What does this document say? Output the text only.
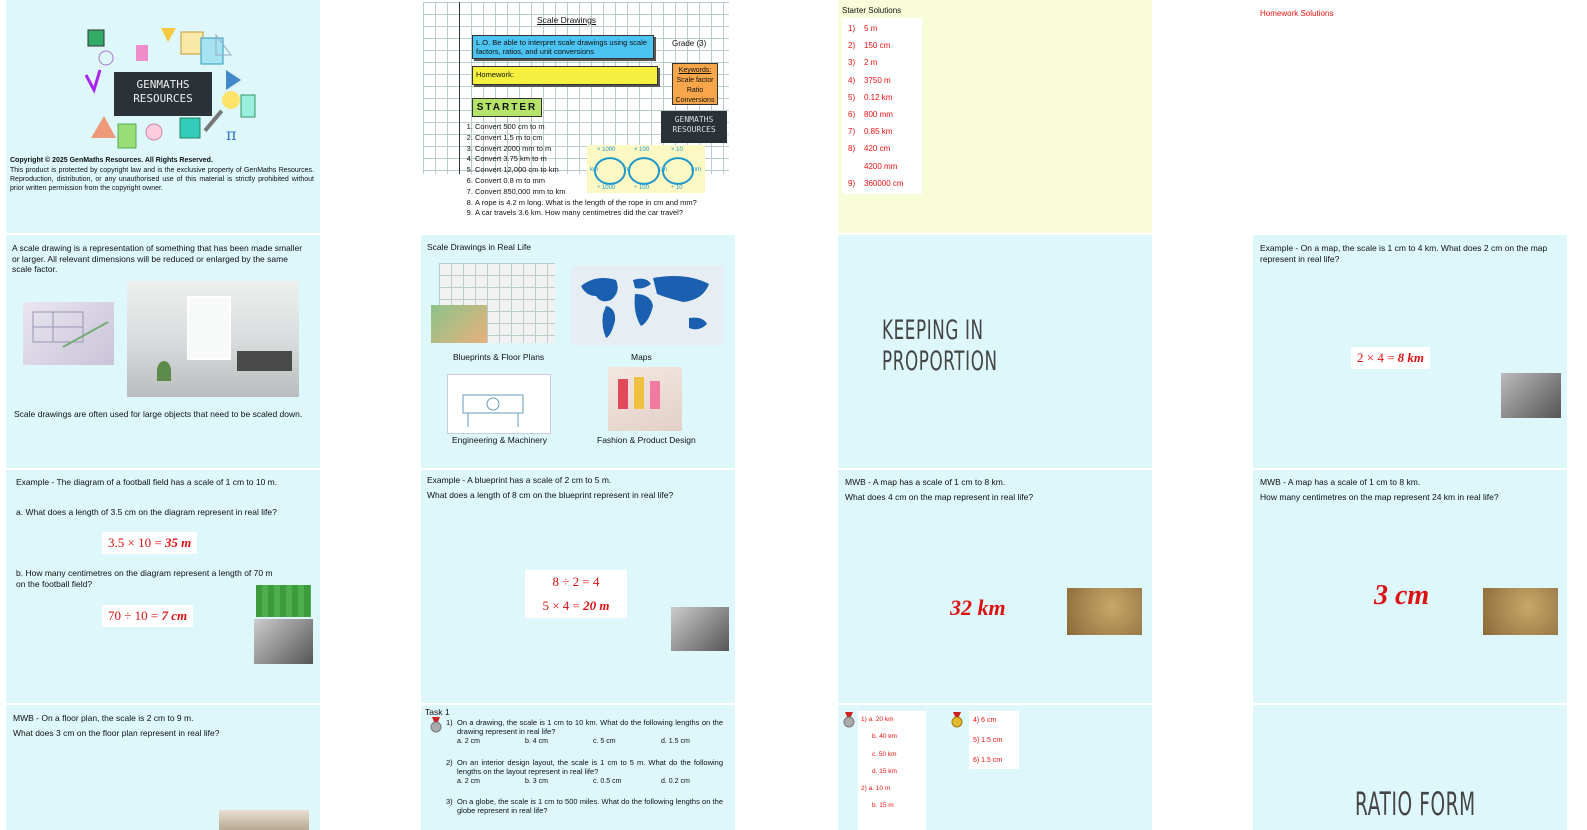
π
GENMATHS
RESOURCES
Copyright © 2025 GenMaths Resources. All Rights Reserved.
This product is protected by copyright law and is the exclusive property of GenMaths Resources. Reproduction, distribution, or any unauthorised use of this material is strictly prohibited without prior written permission from the copyright owner.
Scale Drawings
L.O. Be able to interpret scale drawings using scale factors, ratios, and unit conversions
Grade (3)
Homework:	Keywords:
Scale factor
Ratio
Conversions
STARTER
GENMATHS
RESOURCES
1. Convert 500 cm to m
2. Convert 1.5 m to cm
3. Convert 2000 mm to m
4. Convert 3.75 km to m
5. Convert 12,000 cm to km
6. Convert 0.8 m to mm
7. Convert 850,000 mm to km
8. A rope is 4.2 m long. What is the length of the rope in cm and mm?
9. A car travels 3.6 km. How many centimetres did the car travel?
× 1000	× 100	× 10
km	m	cm	mm
÷ 1000	÷ 100	÷ 10
Starter Solutions
1) 5 m
2) 150 cm
3) 2 m
4) 3750 m
5) 0.12 km
6) 800 mm
7) 0.85 km
8) 420 cm
4200 mm
9) 360000 cm
Homework Solutions
A scale drawing is a representation of something that has been made smaller or larger. All relevant dimensions will be reduced or enlarged by the same scale factor.
Scale drawings are often used for large objects that need to be scaled down.
Scale Drawings in Real Life
Blueprints & Floor Plans	Maps
Engineering & Machinery	Fashion & Product Design
KEEPING IN PROPORTION
Example - On a map, the scale is 1 cm to 4 km. What does 2 cm on the map represent in real life?
2 × 4 = 8 km
Example - The diagram of a football field has a scale of 1 cm to 10 m.
a. What does a length of 3.5 cm on the diagram represent in real life?
3.5 × 10 = 35 m
b. How many centimetres on the diagram represent a length of 70 m on the football field?
70 ÷ 10 = 7 cm
Example - A blueprint has a scale of 2 cm to 5 m.
What does a length of 8 cm on the blueprint represent in real life?
8 ÷ 2 = 4
5 × 4 = 20 m
MWB - A map has a scale of 1 cm to 8 km.
What does 4 cm on the map represent in real life?
32 km
MWB - A map has a scale of 1 cm to 8 km.
How many centimetres on the map represent 24 km in real life?
3 cm
MWB - On a floor plan, the scale is 2 cm to 9 m.
What does 3 cm on the floor plan represent in real life?
Task 1
1) On a drawing, the scale is 1 cm to 10 km. What do the following lengths on the drawing represent in real life?
a. 2 cm	b. 4 cm	c. 5 cm	d. 1.5 cm
2) On an interior design layout, the scale is 1 cm to 5 m. What do the following lengths on the layout represent in real life?
a. 2 cm	b. 3 cm	c. 0.5 cm	d. 0.2 cm
3) On a globe, the scale is 1 cm to 500 miles. What do the following lengths on the globe represent in real life?
1) a. 20 km
b. 40 km
c. 50 km
d. 15 km
2) a. 10 m
b. 15 m
4) 6 cm
5) 1.5 cm
6) 1.5 cm
RATIO FORM
